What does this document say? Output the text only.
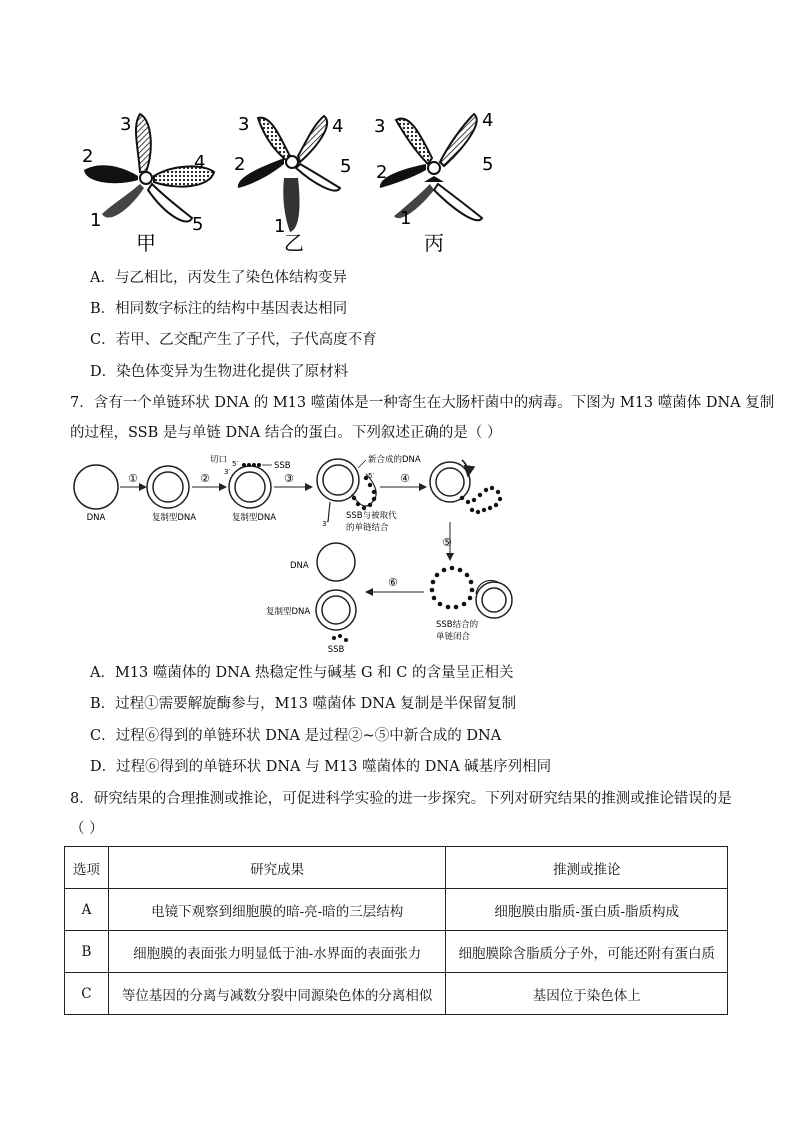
3
2	4
1	5
甲
3
2
4
5
1
乙
3
2
4
5
1
丙
A．与乙相比，丙发生了染色体结构变异
B．相同数字标注的结构中基因表达相同
C．若甲、乙交配产生了子代，子代高度不育
D．染色体变异为生物进化提供了原材料
7．含有一个单链环状 DNA 的 M13 噬菌体是一种寄生在大肠杆菌中的病毒。下图为 M13 噬菌体 DNA 复制
的过程，SSB 是与单链 DNA 结合的蛋白。下列叙述正确的是（ ）
DNA
①
复制型DNA
②
切口 5′
3′
SSB
复制型DNA
③
新合成的DNA
5′
3′
SSB与被取代
的单链结合
④
⑤
SSB结合的
单链闭合
⑥
DNA
复制型DNA
SSB
A．M13 噬菌体的 DNA 热稳定性与碱基 G 和 C 的含量呈正相关
B．过程①需要解旋酶参与，M13 噬菌体 DNA 复制是半保留复制
C．过程⑥得到的单链环状 DNA 是过程②~⑤中新合成的 DNA
D．过程⑥得到的单链环状 DNA 与 M13 噬菌体的 DNA 碱基序列相同
8．研究结果的合理推测或推论，可促进科学实验的进一步探究。下列对研究结果的推测或推论错误的是
（ ）
选项	研究成果	推测或推论
A	电镜下观察到细胞膜的暗-亮-暗的三层结构	细胞膜由脂质-蛋白质-脂质构成
B	细胞膜的表面张力明显低于油-水界面的表面张力	细胞膜除含脂质分子外，可能还附有蛋白质
C	等位基因的分离与减数分裂中同源染色体的分离相似	基因位于染色体上
